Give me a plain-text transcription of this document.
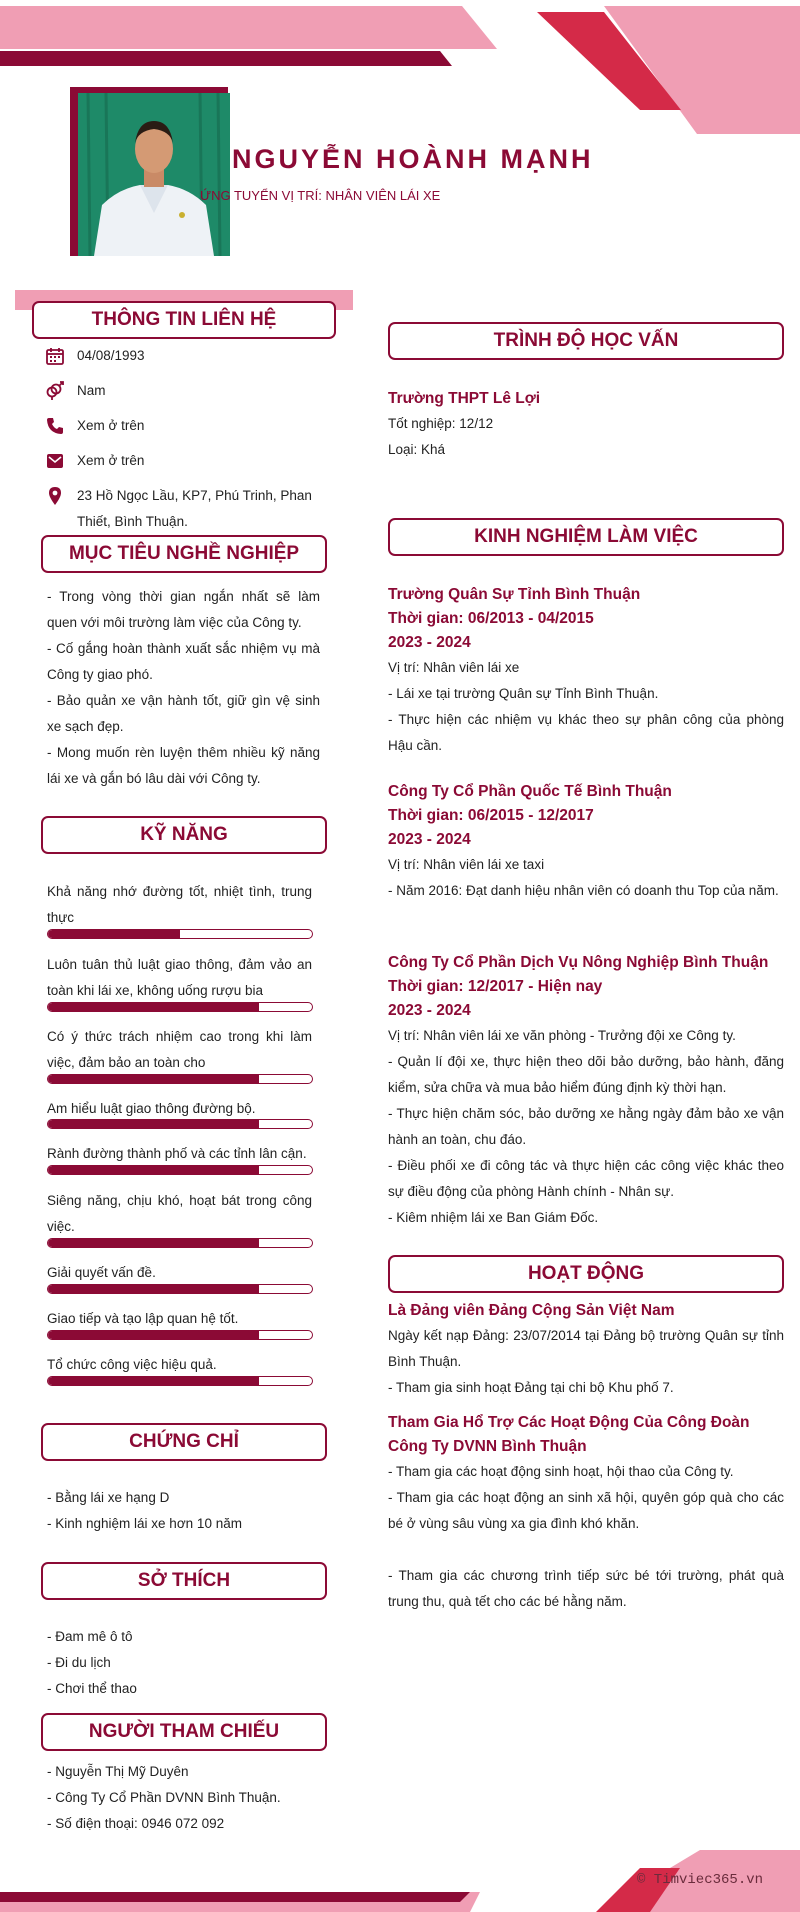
NGUYỄN HOÀNH MẠNH
ỨNG TUYỂN VỊ TRÍ: NHÂN VIÊN LÁI XE
THÔNG TIN LIÊN HỆ
04/08/1993
Nam
Xem ở trên
Xem ở trên
23 Hồ Ngọc Lầu, KP7, Phú Trinh, Phan Thiết, Bình Thuận.
MỤC TIÊU NGHỀ NGHIỆP
- Trong vòng thời gian ngắn nhất sẽ làm quen với môi trường làm việc của Công ty.
- Cố gắng hoàn thành xuất sắc nhiệm vụ mà Công ty giao phó.
- Bảo quản xe vận hành tốt, giữ gìn vệ sinh xe sạch đẹp.
- Mong muốn rèn luyện thêm nhiều kỹ năng lái xe và gắn bó lâu dài với Công ty.
KỸ NĂNG
Khả năng nhớ đường tốt, nhiệt tình, trung thực
Luôn tuân thủ luật giao thông, đảm vảo an toàn khi lái xe, không uống rượu bia
Có ý thức trách nhiệm cao trong khi làm việc, đảm bảo an toàn cho
Am hiểu luật giao thông đường bộ.
Rành đường thành phố và các tỉnh lân cận.
Siêng năng, chịu khó, hoạt bát trong công việc.
Giải quyết vấn đề.
Giao tiếp và tạo lập quan hệ tốt.
Tổ chức công việc hiệu quả.
CHỨNG CHỈ
- Bằng lái xe hạng D
- Kinh nghiệm lái xe hơn 10 năm
SỞ THÍCH
- Đam mê ô tô
- Đi du lịch
- Chơi thể thao
NGƯỜI THAM CHIẾU
- Nguyễn Thị Mỹ Duyên
- Công Ty Cổ Phần DVNN Bình Thuận.
- Số điện thoại: 0946 072 092
TRÌNH ĐỘ HỌC VẤN
Trường THPT Lê Lợi
Tốt nghiệp: 12/12
Loại: Khá
KINH NGHIỆM LÀM VIỆC
Trường Quân Sự Tỉnh Bình Thuận
Thời gian: 06/2013 - 04/2015
2023 - 2024
Vị trí: Nhân viên lái xe
- Lái xe tại trường Quân sự Tỉnh Bình Thuận.
- Thực hiện các nhiệm vụ khác theo sự phân công của phòng Hậu cần.
Công Ty Cổ Phần Quốc Tế Bình Thuận
Thời gian: 06/2015 - 12/2017
2023 - 2024
Vị trí: Nhân viên lái xe taxi
- Năm 2016: Đạt danh hiệu nhân viên có doanh thu Top của năm.
Công Ty Cổ Phần Dịch Vụ Nông Nghiệp Bình Thuận
Thời gian: 12/2017 - Hiện nay
2023 - 2024
Vị trí: Nhân viên lái xe văn phòng - Trưởng đội xe Công ty.
- Quản lí đội xe, thực hiện theo dõi bảo dưỡng, bảo hành, đăng kiểm, sửa chữa và mua bảo hiểm đúng định kỳ thời hạn.
- Thực hiện chăm sóc, bảo dưỡng xe hằng ngày đảm bảo xe vận hành an toàn, chu đáo.
- Điều phối xe đi công tác và thực hiện các công việc khác theo sự điều động của phòng Hành chính - Nhân sự.
- Kiêm nhiệm lái xe Ban Giám Đốc.
HOẠT ĐỘNG
Là Đảng viên Đảng Cộng Sản Việt Nam
Ngày kết nạp Đảng: 23/07/2014 tại Đảng bộ trường Quân sự tỉnh Bình Thuận.
- Tham gia sinh hoạt Đảng tại chi bộ Khu phố 7.
Tham Gia Hổ Trợ Các Hoạt Động Của Công Đoàn Công Ty DVNN Bình Thuận
- Tham gia các hoạt động sinh hoạt, hội thao của Công ty.
- Tham gia các hoạt động an sinh xã hội, quyên góp quà cho các bé ở vùng sâu vùng xa gia đình khó khăn.
- Tham gia các chương trình tiếp sức bé tới trường, phát quà trung thu, quà tết cho các bé hằng năm.
© Timviec365.vn
